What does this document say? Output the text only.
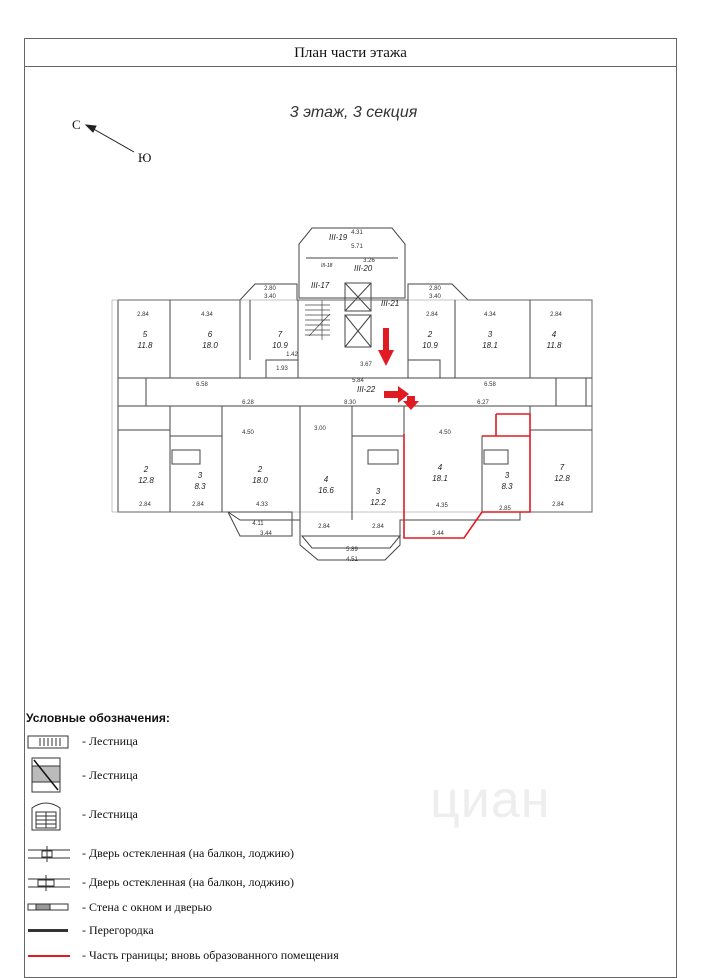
План части этажа
3 этаж, 3 секция
С
Ю
III-19
III-20
III-17
III-21
III-22
III-18
5
11.8
6
18.0
7
10.9
2
10.9
3
18.1
4
11.8
2
12.8
3
8.3
2
18.0	4
16.6	3
12.2
4
18.1	3
8.3
7
12.8
4.31
5.71
3.26
2.80
3.40
2.80
3.40
2.84	4.34	2.84	4.34	2.84
1.93
1.42
3.67
5.84
6.58	6.58
6.28	8.30	6.27
4.50	4.50
4.35	2.85
3.44
3.44
4.51
5.89
4.11
4.33
2.84	2.84	2.84
3.00
2.84	2.84
Условные обозначения:
- Лестница
- Лестница
- Лестница
- Дверь остекленная (на балкон, лоджию)
- Дверь остекленная (на балкон, лоджию)
- Стена с окном и дверью
- Перегородка
- Часть границы; вновь образованного помещения
циан
